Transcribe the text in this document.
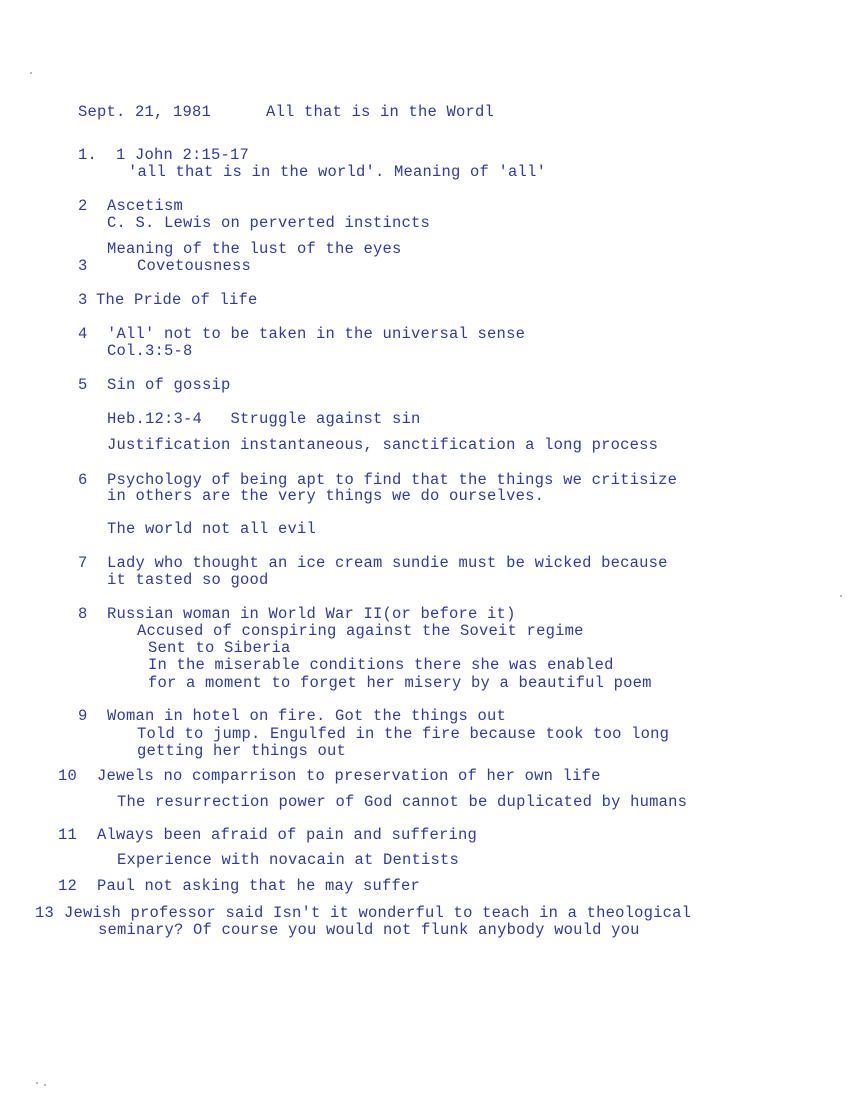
Sept. 21, 1981	All that is in the Wordl
1. 1 John 2:15-17
'all that is in the world'. Meaning of 'all'
2 Ascetism
C. S. Lewis on perverted instincts
Meaning of the lust of the eyes
3	Covetousness
3 The Pride of life
4 'All' not to be taken in the universal sense
Col.3:5-8
5 Sin of gossip
Heb.12:3-4   Struggle against sin
Justification instantaneous, sanctification a long process
6 Psychology of being apt to find that the things we critisize
in others are the very things we do ourselves.
The world not all evil
7 Lady who thought an ice cream sundie must be wicked because
it tasted so good
8 Russian woman in World War II(or before it)
Accused of conspiring against the Soveit regime
Sent to Siberia
In the miserable conditions there she was enabled
for a moment to forget her misery by a beautiful poem
9 Woman in hotel on fire. Got the things out
Told to jump. Engulfed in the fire because took too long
getting her things out
10 Jewels no comparrison to preservation of her own life
The resurrection power of God cannot be duplicated by humans
11 Always been afraid of pain and suffering
Experience with novacain at Dentists
12 Paul not asking that he may suffer
13 Jewish professor said Isn't it wonderful to teach in a theological
seminary? Of course you would not flunk anybody would you
